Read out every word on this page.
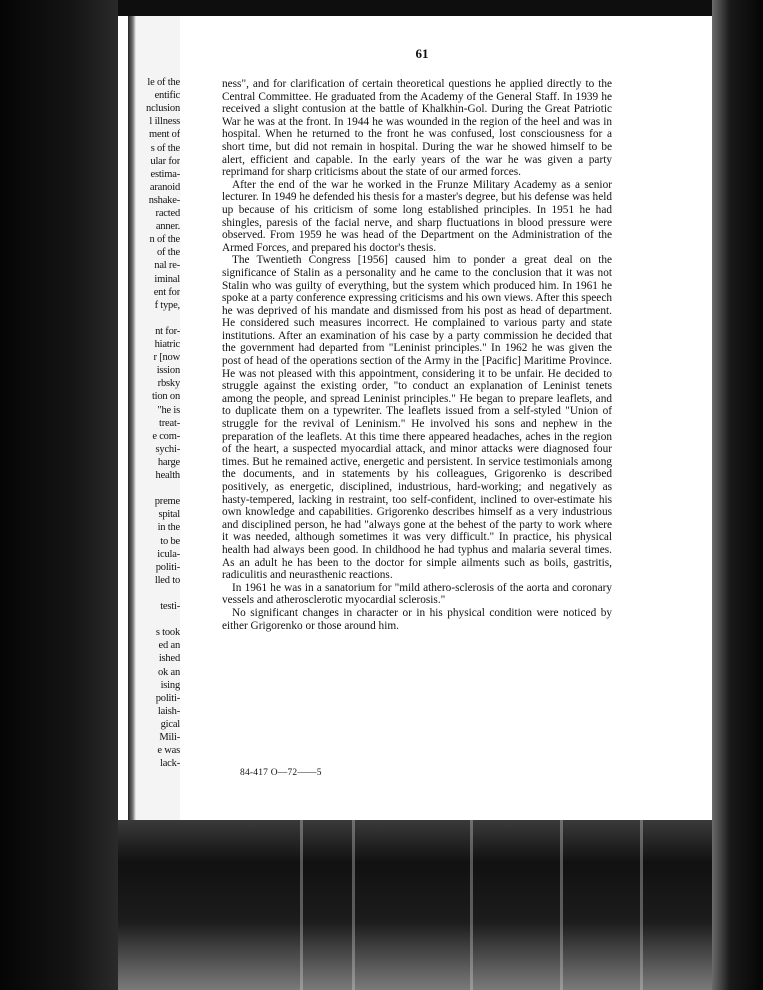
le of the
entific
nclusion
l illness
ment of
s of the
ular for
estima-
aranoid
nshake-
racted
anner.
n of the
of the
nal re-
iminal
ent for
f type,
nt for-
hiatric
r [now
ission
rbsky
tion on
"he is
treat-
e com-
sychi-
harge
health
preme
spital
in the
to be
icula-
politi-
lled to
testi-
s took
ed an
ished
ok an
ising
politi-
laish-
gical
Mili-
e was
lack-
61

ness", and for clarification of certain theoretical questions he applied directly to the Central Committee. He graduated from the Academy of the General Staff. In 1939 he received a slight contusion at the battle of Khalkhin-Gol. During the Great Patriotic War he was at the front. In 1944 he was wounded in the region of the heel and was in hospital. When he returned to the front he was confused, lost consciousness for a short time, but did not remain in hospital. During the war he showed himself to be alert, efficient and capable. In the early years of the war he was given a party reprimand for sharp criticisms about the state of our armed forces.

After the end of the war he worked in the Frunze Military Academy as a senior lecturer. In 1949 he defended his thesis for a master's degree, but his defense was held up because of his criticism of some long established principles. In 1951 he had shingles, paresis of the facial nerve, and sharp fluctuations in blood pressure were observed. From 1959 he was head of the Department on the Administration of the Armed Forces, and prepared his doctor's thesis.

The Twentieth Congress [1956] caused him to ponder a great deal on the significance of Stalin as a personality and he came to the conclusion that it was not Stalin who was guilty of everything, but the system which produced him. In 1961 he spoke at a party conference expressing criticisms and his own views. After this speech he was deprived of his mandate and dismissed from his post as head of department. He considered such measures incorrect. He complained to various party and state institutions. After an examination of his case by a party commission he decided that the government had departed from "Leninist principles." In 1962 he was given the post of head of the operations section of the Army in the [Pacific] Maritime Province. He was not pleased with this appointment, considering it to be unfair. He decided to struggle against the existing order, "to conduct an explanation of Leninist tenets among the people, and spread Leninist principles." He began to prepare leaflets, and to duplicate them on a typewriter. The leaflets issued from a self-styled "Union of struggle for the revival of Leninism." He involved his sons and nephew in the preparation of the leaflets. At this time there appeared headaches, aches in the region of the heart, a suspected myocardial attack, and minor attacks were diagnosed four times. But he remained active, energetic and persistent. In service testimonials among the documents, and in statements by his colleagues, Grigorenko is described positively, as energetic, disciplined, industrious, hard-working; and negatively as hasty-tempered, lacking in restraint, too self-confident, inclined to over-estimate his own knowledge and capabilities. Grigorenko describes himself as a very industrious and disciplined person, he had "always gone at the behest of the party to work where it was needed, although sometimes it was very difficult." In practice, his physical health had always been good. In childhood he had typhus and malaria several times. As an adult he has been to the doctor for simple ailments such as boils, gastritis, radiculitis and neurasthenic reactions.

In 1961 he was in a sanatorium for "mild athero-sclerosis of the aorta and coronary vessels and atherosclerotic myocardial sclerosis."

No significant changes in character or in his physical condition were noticed by either Grigorenko or those around him.

84-417 O—72——5
